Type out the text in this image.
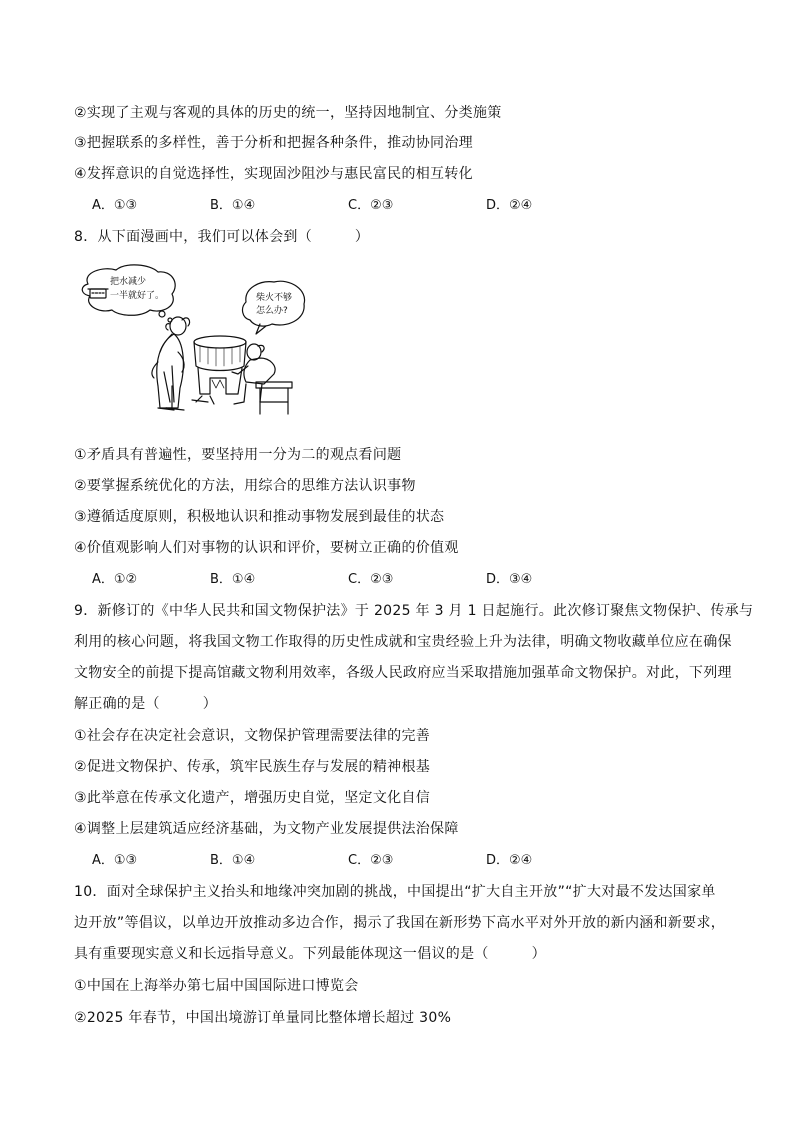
②实现了主观与客观的具体的历史的统一，坚持因地制宜、分类施策
③把握联系的多样性，善于分析和把握各种条件，推动协同治理
④发挥意识的自觉选择性，实现固沙阻沙与惠民富民的相互转化
A．①③	B．①④	C．②③	D．②④
8．从下面漫画中，我们可以体会到（　　　）
把水减少
一半就好了。	柴火不够
怎么办?
①矛盾具有普遍性，要坚持用一分为二的观点看问题
②要掌握系统优化的方法，用综合的思维方法认识事物
③遵循适度原则，积极地认识和推动事物发展到最佳的状态
④价值观影响人们对事物的认识和评价，要树立正确的价值观
A．①②	B．①④	C．②③	D．③④
9．新修订的《中华人民共和国文物保护法》于 2025 年 3 月 1 日起施行。此次修订聚焦文物保护、传承与
利用的核心问题，将我国文物工作取得的历史性成就和宝贵经验上升为法律，明确文物收藏单位应在确保
文物安全的前提下提高馆藏文物利用效率，各级人民政府应当采取措施加强革命文物保护。对此，下列理
解正确的是（　　　）
①社会存在决定社会意识，文物保护管理需要法律的完善
②促进文物保护、传承，筑牢民族生存与发展的精神根基
③此举意在传承文化遗产，增强历史自觉，坚定文化自信
④调整上层建筑适应经济基础，为文物产业发展提供法治保障
A．①③	B．①④	C．②③	D．②④
10．面对全球保护主义抬头和地缘冲突加剧的挑战，中国提出“扩大自主开放”“扩大对最不发达国家单
边开放”等倡议，以单边开放推动多边合作，揭示了我国在新形势下高水平对外开放的新内涵和新要求，
具有重要现实意义和长远指导意义。下列最能体现这一倡议的是（　　　）
①中国在上海举办第七届中国国际进口博览会
②2025 年春节，中国出境游订单量同比整体增长超过 30%
